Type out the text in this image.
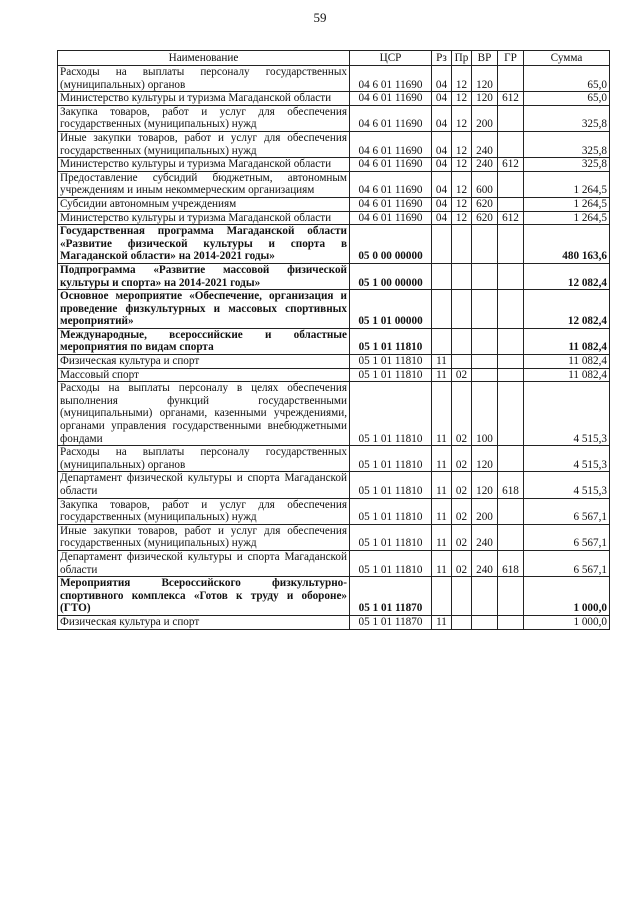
59
Наименование	ЦСР	Рз	Пр	ВР	ГР	Сумма
Расходы на выплаты персоналу государственных (муниципальных) органов	04 6 01 11690	04	12	120		65,0
Министерство культуры и туризма Магаданской области	04 6 01 11690	04	12	120	612	65,0
Закупка товаров, работ и услуг для обеспечения государственных (муниципальных) нужд	04 6 01 11690	04	12	200		325,8
Иные закупки товаров, работ и услуг для обеспечения государственных (муниципальных) нужд	04 6 01 11690	04	12	240		325,8
Министерство культуры и туризма Магаданской области	04 6 01 11690	04	12	240	612	325,8
Предоставление субсидий бюджетным, автономным учреждениям и иным некоммерческим организациям	04 6 01 11690	04	12	600		1 264,5
Субсидии автономным учреждениям	04 6 01 11690	04	12	620		1 264,5
Министерство культуры и туризма Магаданской области	04 6 01 11690	04	12	620	612	1 264,5
Государственная программа Магаданской области «Развитие физической культуры и спорта в Магаданской области» на 2014-2021 годы»	05 0 00 00000					480 163,6
Подпрограмма «Развитие массовой физической культуры и спорта» на 2014-2021 годы»	05 1 00 00000					12 082,4
Основное мероприятие «Обеспечение, организация и проведение физкультурных и массовых спортивных мероприятий»	05 1 01 00000					12 082,4
Международные, всероссийские и областные мероприятия по видам спорта	05 1 01 11810					11 082,4
Физическая культура и спорт	05 1 01 11810	11				11 082,4
Массовый спорт	05 1 01 11810	11	02			11 082,4
Расходы на выплаты персоналу в целях обеспечения выполнения функций государственными (муниципальными) органами, казенными учреждениями, органами управления государственными внебюджетными фондами	05 1 01 11810	11	02	100		4 515,3
Расходы на выплаты персоналу государственных (муниципальных) органов	05 1 01 11810	11	02	120		4 515,3
Департамент физической культуры и спорта Магаданской области	05 1 01 11810	11	02	120	618	4 515,3
Закупка товаров, работ и услуг для обеспечения государственных (муниципальных) нужд	05 1 01 11810	11	02	200		6 567,1
Иные закупки товаров, работ и услуг для обеспечения государственных (муниципальных) нужд	05 1 01 11810	11	02	240		6 567,1
Департамент физической культуры и спорта Магаданской области	05 1 01 11810	11	02	240	618	6 567,1
Мероприятия Всероссийского физкультурно-спортивного комплекса «Готов к труду и обороне» (ГТО)	05 1 01 11870					1 000,0
Физическая культура и спорт	05 1 01 11870	11				1 000,0
